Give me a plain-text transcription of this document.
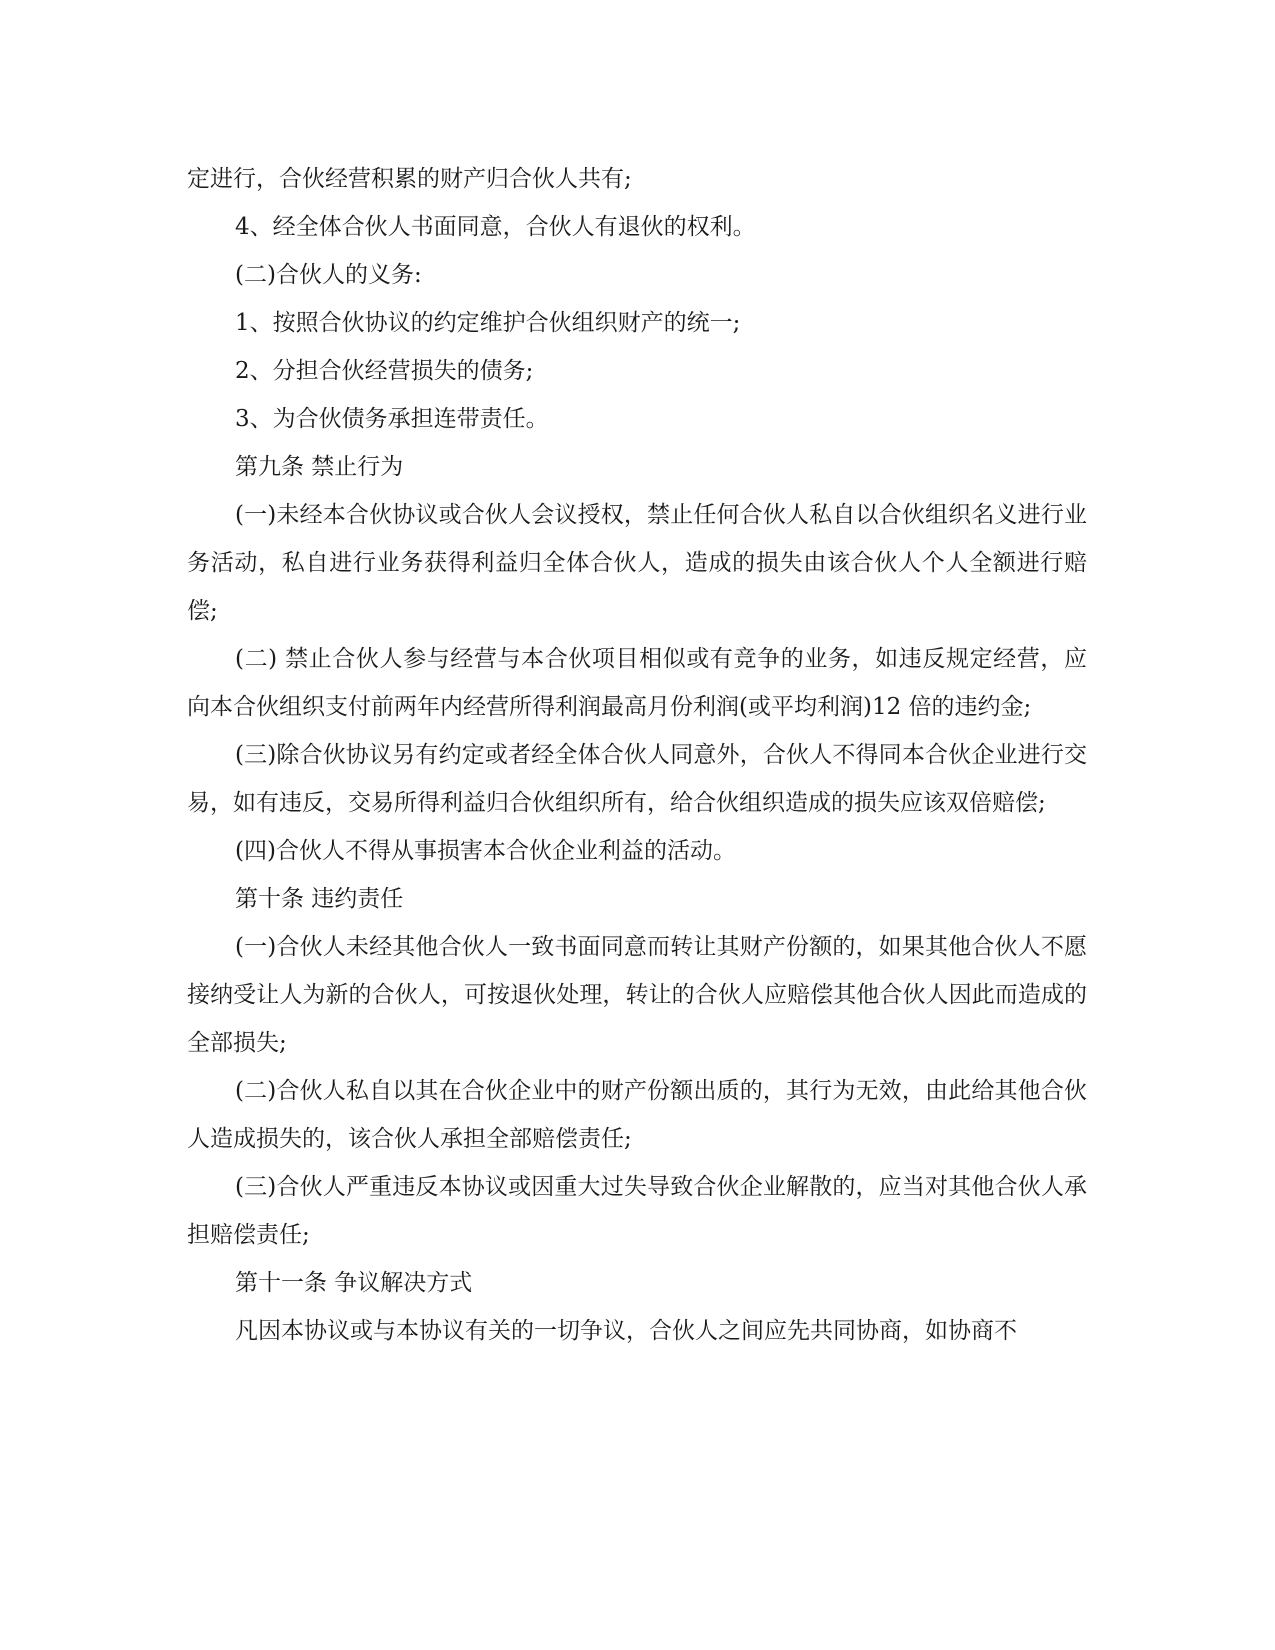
定进行，合伙经营积累的财产归合伙人共有;

4、经全体合伙人书面同意，合伙人有退伙的权利。

(二)合伙人的义务:

1、按照合伙协议的约定维护合伙组织财产的统一;

2、分担合伙经营损失的债务;

3、为合伙债务承担连带责任。

第九条 禁止行为

(一)未经本合伙协议或合伙人会议授权，禁止任何合伙人私自以合伙组织名义进行业务活动，私自进行业务获得利益归全体合伙人，造成的损失由该合伙人个人全额进行赔偿;

(二) 禁止合伙人参与经营与本合伙项目相似或有竞争的业务，如违反规定经营，应向本合伙组织支付前两年内经营所得利润最高月份利润(或平均利润)12 倍的违约金;

(三)除合伙协议另有约定或者经全体合伙人同意外，合伙人不得同本合伙企业进行交易，如有违反，交易所得利益归合伙组织所有，给合伙组织造成的损失应该双倍赔偿;

(四)合伙人不得从事损害本合伙企业利益的活动。

第十条 违约责任

(一)合伙人未经其他合伙人一致书面同意而转让其财产份额的，如果其他合伙人不愿接纳受让人为新的合伙人，可按退伙处理，转让的合伙人应赔偿其他合伙人因此而造成的全部损失;

(二)合伙人私自以其在合伙企业中的财产份额出质的，其行为无效，由此给其他合伙人造成损失的，该合伙人承担全部赔偿责任;

(三)合伙人严重违反本协议或因重大过失导致合伙企业解散的，应当对其他合伙人承担赔偿责任;

第十一条 争议解决方式

凡因本协议或与本协议有关的一切争议，合伙人之间应先共同协商，如协商不
